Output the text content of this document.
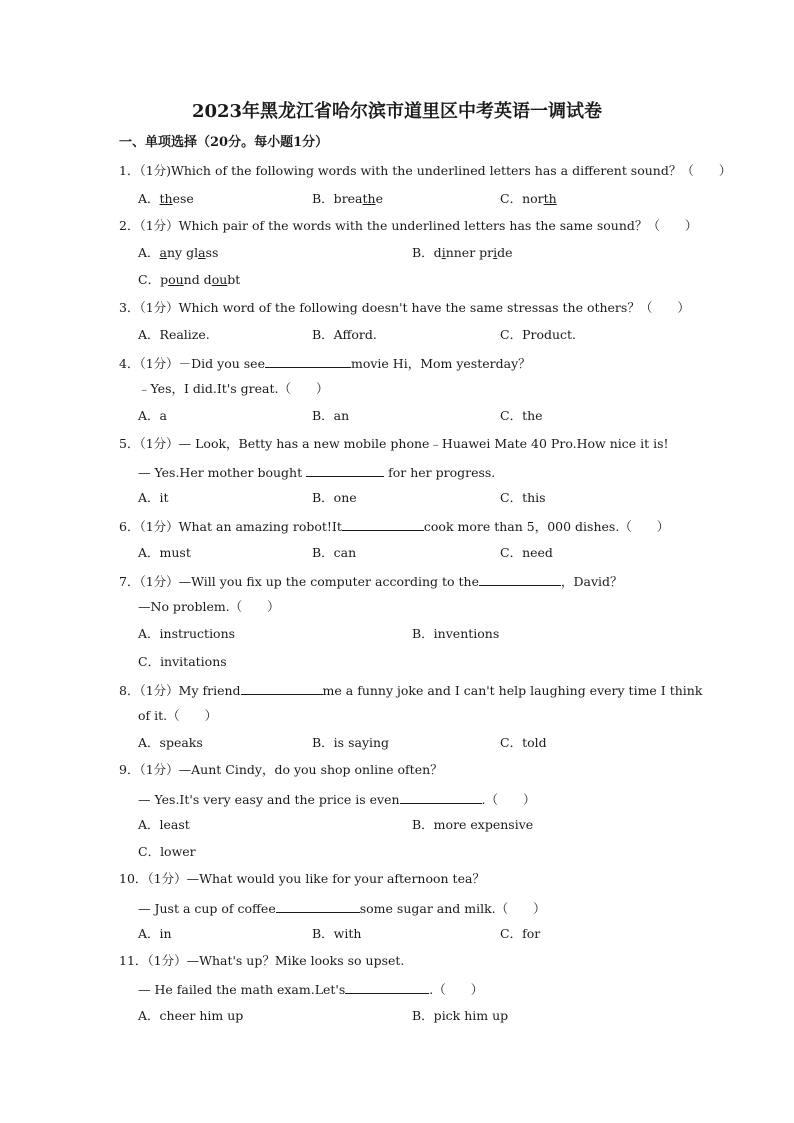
2023年黑龙江省哈尔滨市道里区中考英语一调试卷
一、单项选择（20分。每小题1分）
1．（1分)Which of the following words with the underlined letters has a different sound？（　　）
A．these	B．breathe	C．north
2．（1分）Which pair of the words with the underlined letters has the same sound？（　　）
A．any glass	B．dinner pride
C．pound doubt
3．（1分）Which word of the following doesn't have the same stressas the others？（　　）
A．Realize.	B．Afford.	C．Product.
4．（1分）－Did you see	movie Hi，Mom yesterday？
﹣Yes，I did.It's great.（　　）
A．a	B．an	C．the
5．（1分）— Look，Betty has a new mobile phone﹣Huawei Mate 40 Pro.How nice it is!
— Yes.Her mother bought	for her progress.
A．it	B．one	C．this
6．（1分）What an amazing robot!It	cook more than 5，000 dishes.（　　）
A．must	B．can	C．need
7．（1分）—Will you fix up the computer according to the	，David？
—No problem.（　　）
A．instructions	B．inventions
C．invitations
8．（1分）My friend	me a funny joke and I can't help laughing every time I think
of it.（　　）
A．speaks	B．is saying	C．told
9．（1分）—Aunt Cindy，do you shop online often？
— Yes.It's very easy and the price is even	.（　　）
A．least	B．more expensive
C．lower
10．（1分）—What would you like for your afternoon tea？
— Just a cup of coffee	some sugar and milk.（　　）
A．in	B．with	C．for
11．（1分）—What's up？Mike looks so upset.
— He failed the math exam.Let's	.（　　）
A．cheer him up	B．pick him up
